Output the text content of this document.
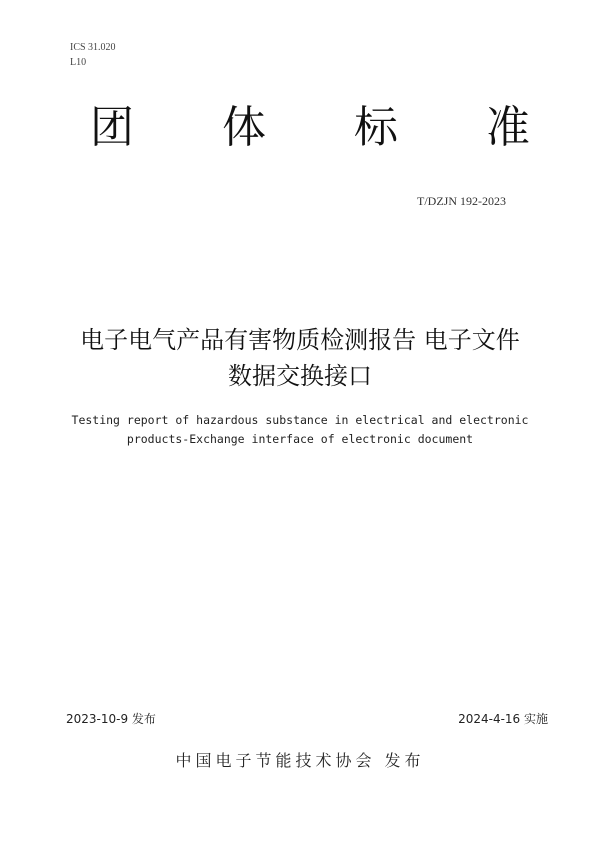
ICS 31.020
L10
团 体 标 准
T/DZJN 192-2023
电子电气产品有害物质检测报告 电子文件
数据交换接口
Testing report of hazardous substance in electrical and electronic
products-Exchange interface of electronic document
2023-10-9 发布	2024-4-16 实施
中国电子节能技术协会 发布
